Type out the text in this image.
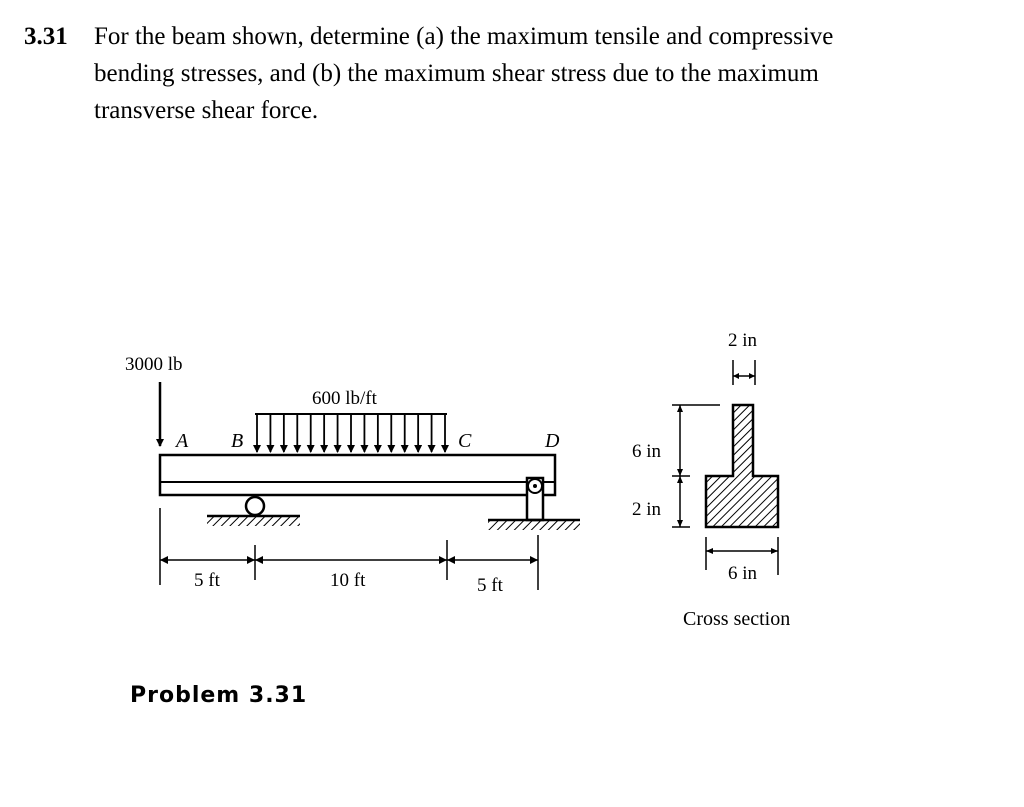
3.31 For the beam shown, determine (a) the maximum tensile and compressive
bending stresses, and (b) the maximum shear stress due to the maximum
transverse shear force.
3000 lb
600 lb/ft
A B	C	D
5 ft	10 ft	5 ft
2 in
6 in
2 in
6 in
Cross section
Problem 3.31
